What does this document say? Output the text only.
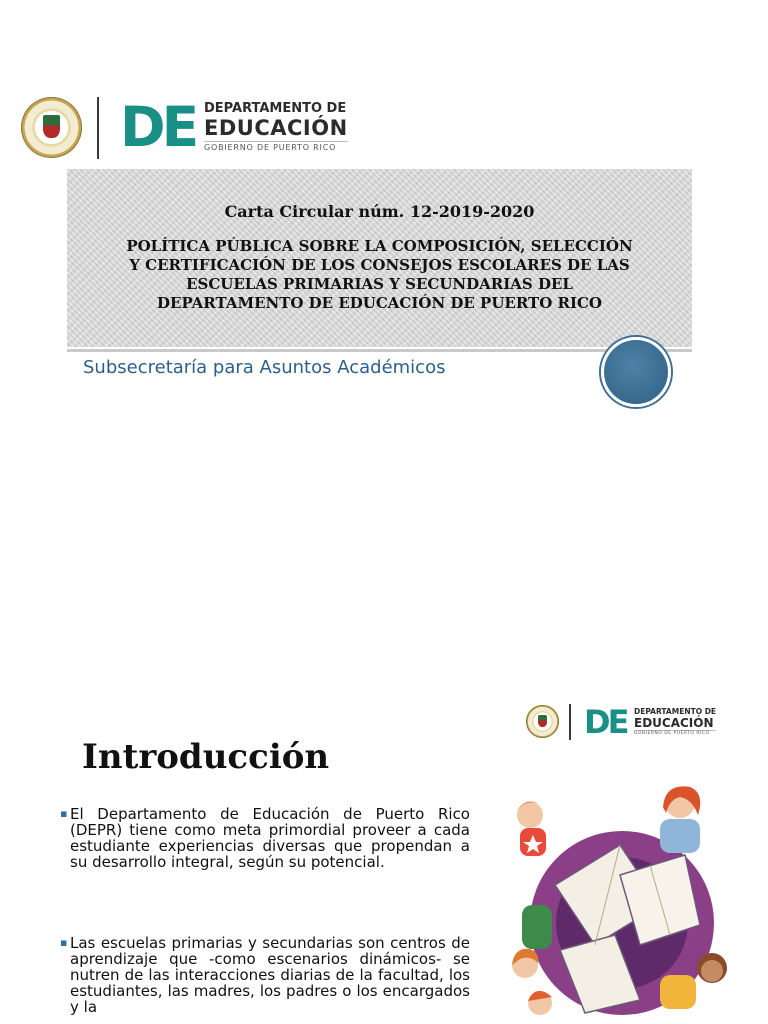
DE DEPARTAMENTO DE
EDUCACIÓN
GOBIERNO DE PUERTO RICO
Carta Circular núm. 12-2019-2020
POLÍTICA PÚBLICA SOBRE LA COMPOSICIÓN, SELECCIÓN
Y CERTIFICACIÓN DE LOS CONSEJOS ESCOLARES DE LAS
ESCUELAS PRIMARIAS Y SECUNDARIAS DEL
DEPARTAMENTO DE EDUCACIÓN DE PUERTO RICO
Subsecretaría para Asuntos Académicos
DE	DEPARTAMENTO DE
EDUCACIÓN
GOBIERNO DE PUERTO RICO
Introducción
▪ El Departamento de Educación de Puerto Rico (DEPR) tiene como meta primordial proveer a cada estudiante experiencias diversas que propendan a su desarrollo integral, según su potencial.
▪ Las escuelas primarias y secundarias son centros de aprendizaje que -como escenarios dinámicos- se nutren de las interacciones diarias de la facultad, los estudiantes, las madres, los padres o los encargados y la
